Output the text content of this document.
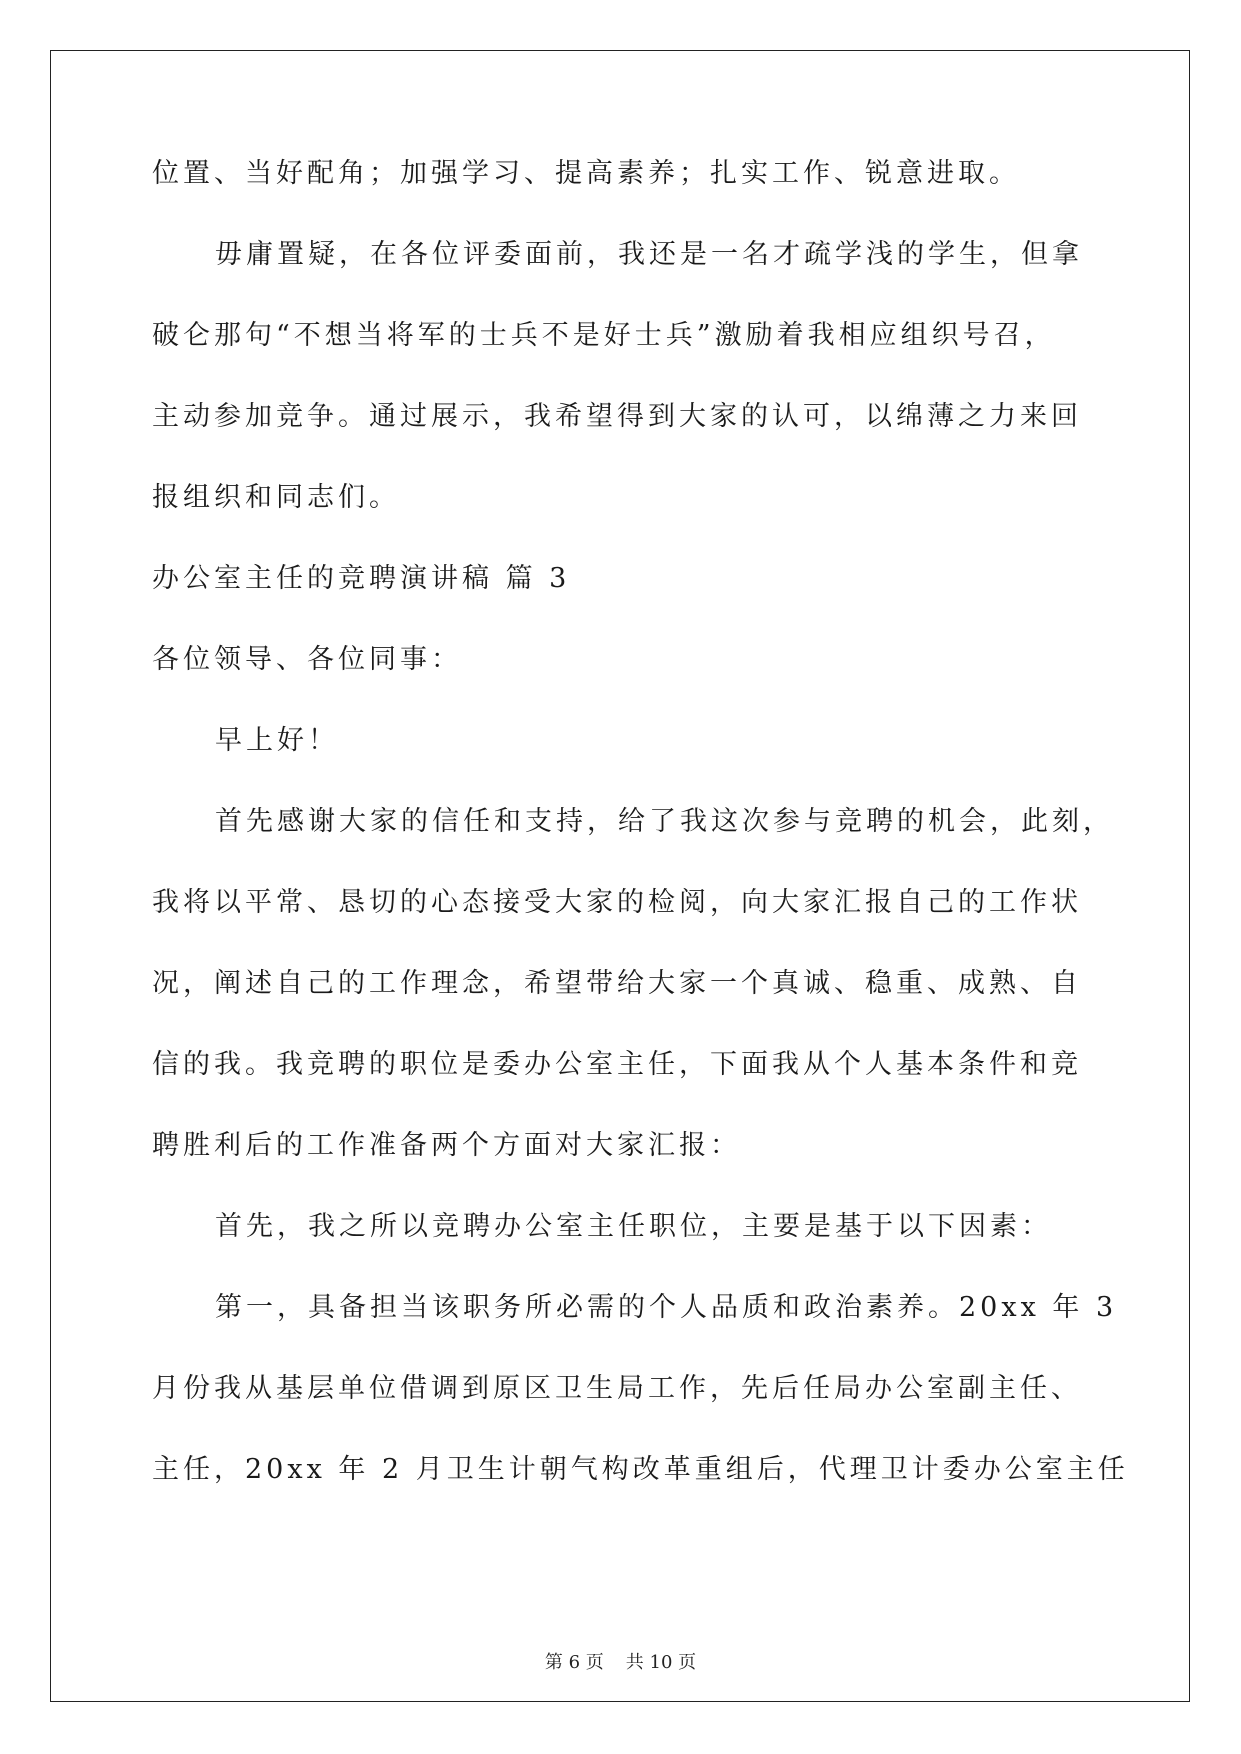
位置、当好配角；加强学习、提高素养；扎实工作、锐意进取。

毋庸置疑，在各位评委面前，我还是一名才疏学浅的学生，但拿

破仑那句“不想当将军的士兵不是好士兵”激励着我相应组织号召，

主动参加竞争。通过展示，我希望得到大家的认可，以绵薄之力来回

报组织和同志们。

办公室主任的竞聘演讲稿 篇 3

各位领导、各位同事：

早上好！

首先感谢大家的信任和支持，给了我这次参与竞聘的机会，此刻，

我将以平常、恳切的心态接受大家的检阅，向大家汇报自己的工作状

况，阐述自己的工作理念，希望带给大家一个真诚、稳重、成熟、自

信的我。我竞聘的职位是委办公室主任，下面我从个人基本条件和竞

聘胜利后的工作准备两个方面对大家汇报：

首先，我之所以竞聘办公室主任职位，主要是基于以下因素：

第一，具备担当该职务所必需的个人品质和政治素养。20xx 年 3

月份我从基层单位借调到原区卫生局工作，先后任局办公室副主任、

主任，20xx 年 2 月卫生计朝气构改革重组后，代理卫计委办公室主任

第 6 页 共 10 页
